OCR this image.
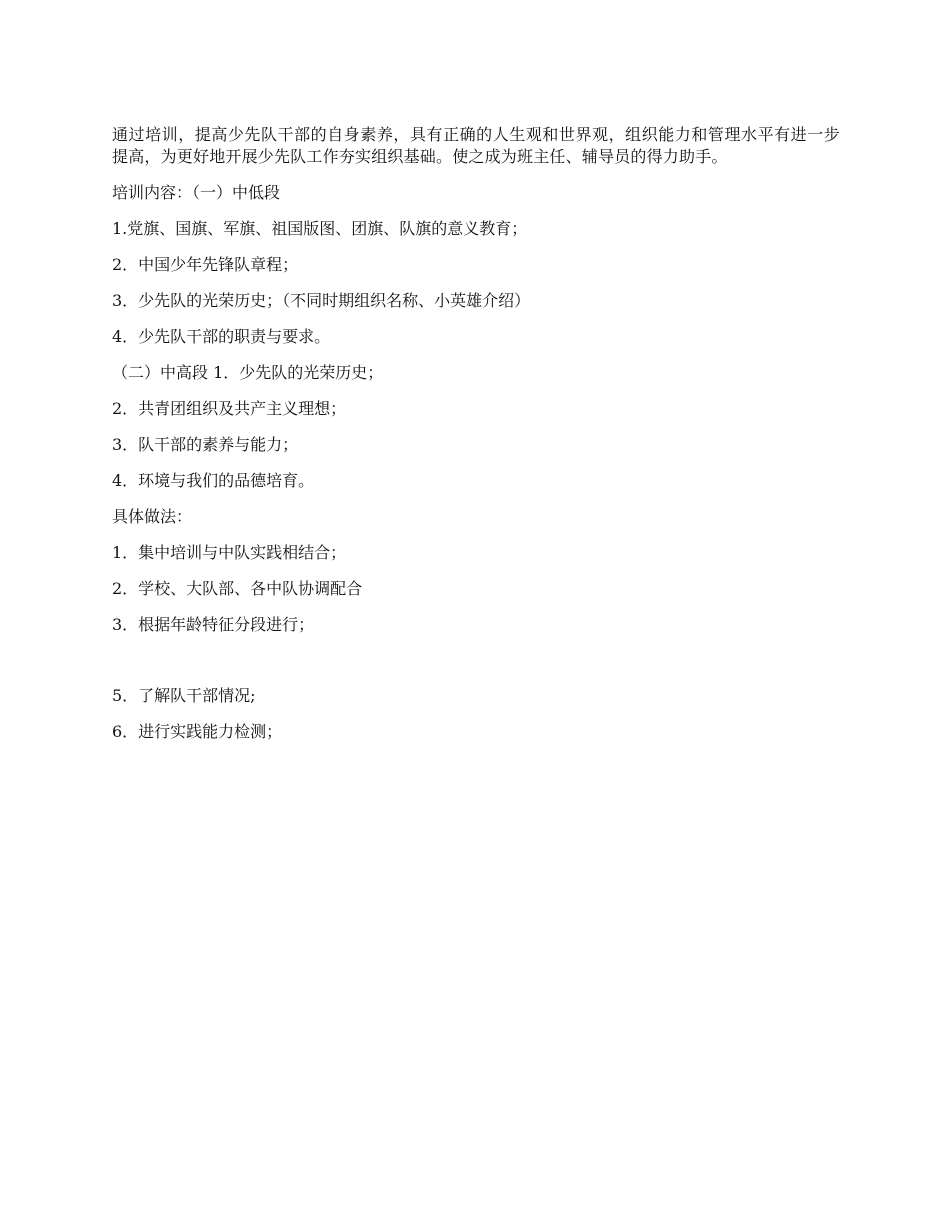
通过培训，提高少先队干部的自身素养，具有正确的人生观和世界观，组织能力和管理水平有进一步提高，为更好地开展少先队工作夯实组织基础。使之成为班主任、辅导员的得力助手。

培训内容：（一）中低段

1.党旗、国旗、军旗、祖国版图、团旗、队旗的意义教育；

2．中国少年先锋队章程；

3．少先队的光荣历史；（不同时期组织名称、小英雄介绍）

4．少先队干部的职责与要求。

（二）中高段 1．少先队的光荣历史；

2．共青团组织及共产主义理想；

3．队干部的素养与能力；

4．环境与我们的品德培育。

具体做法：

1．集中培训与中队实践相结合；

2．学校、大队部、各中队协调配合

3．根据年龄特征分段进行；

5．了解队干部情况;

6．进行实践能力检测；
